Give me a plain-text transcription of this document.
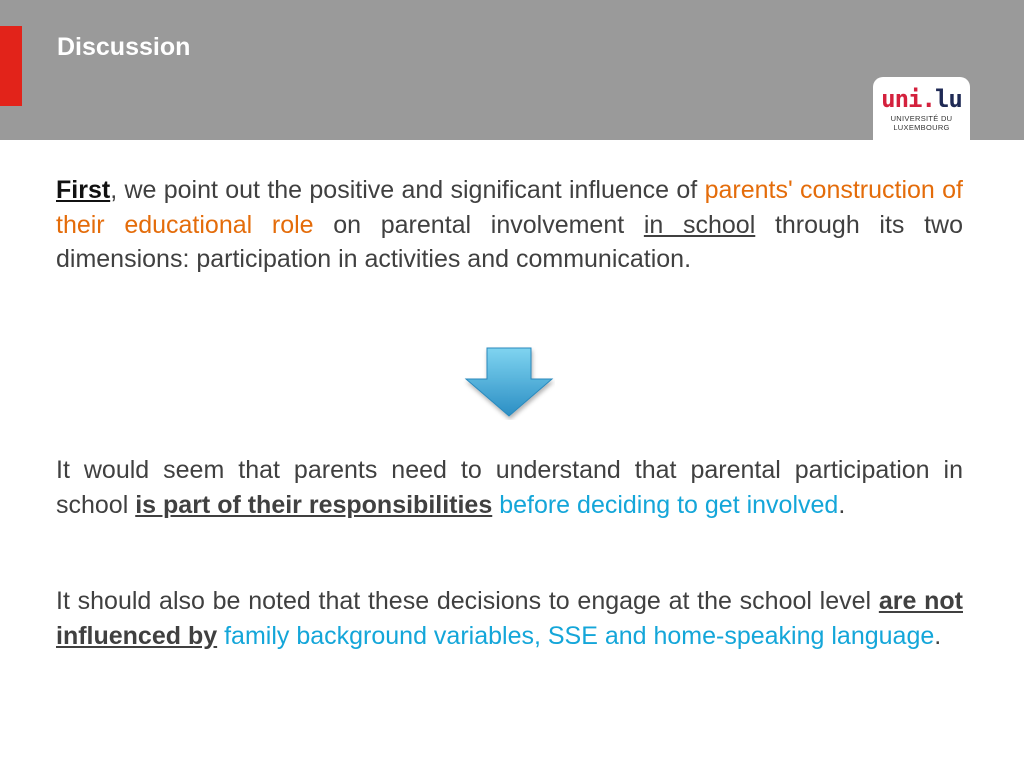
Discussion
uni.lu
UNIVERSITÉ DU
LUXEMBOURG

First, we point out the positive and significant influence of parents' construction of their educational role on parental involvement in school through its two dimensions: participation in activities and communication.

It would seem that parents need to understand that parental participation in school is part of their responsibilities before deciding to get involved.

It should also be noted that these decisions to engage at the school level are not influenced by family background variables, SSE and home-speaking language.
